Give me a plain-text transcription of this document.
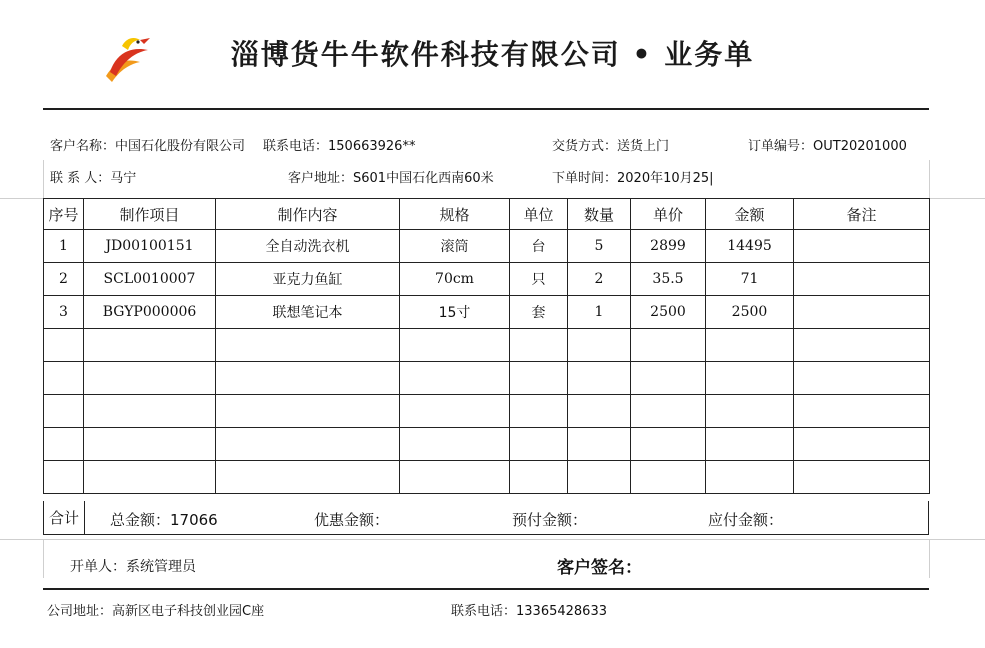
淄博货牛牛软件科技有限公司 • 业务单
客户名称：中国石化股份有限公司 联系电话：150663926**	交货方式：送货上门	订单编号：OUT20201000
联 系 人：马宁	客户地址：S601中国石化西南60米	下单时间：2020年10月25|
序号	制作项目	制作内容	规格	单位	数量	单价	金额	备注
1	JD00100151	全自动洗衣机	滚筒	台	5	2899	14495	
2	SCL0010007	亚克力鱼缸	70cm	只	2	35.5	71	
3	BGYP000006	联想笔记本	15寸	套	1	2500	2500	

合计	总金额：17066	优惠金额：	预付金额：	应付金额：
开单人：系统管理员	客户签名：
公司地址：高新区电子科技创业园C座	联系电话：13365428633
